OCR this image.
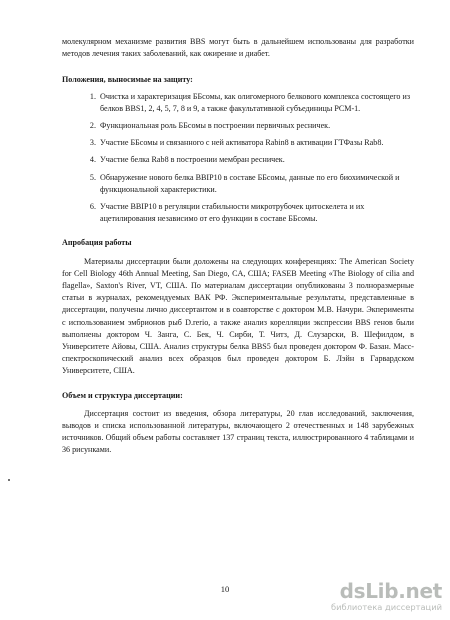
молекулярном механизме развития BBS могут быть в дальнейшем использованы для разработки методов лечения таких заболеваний, как ожирение и диабет.

Положения, выносимые на защиту:

1. Очистка и характеризация ББсомы, как олигомерного белкового комплекса состоящего из белков BBS1, 2, 4, 5, 7, 8 и 9, а также факультативной субъединицы PCM-1.
2. Функциональная роль ББсомы в построении первичных ресничек.
3. Участие ББсомы и связанного с ней активатора Rabin8 в активации ГТФазы Rab8.
4. Участие белка Rab8 в построении мембран ресничек.
5. Обнаружение нового белка BBIP10 в составе ББсомы, данные по его биохимической и функциональной характеристики.
6. Участие BBIP10 в регуляции стабильности микротрубочек цитоскелета и их ацетилирования независимо от его функции в составе ББсомы.

Апробация работы

Материалы диссертации были доложены на следующих конференциях: The American Society for Cell Biology 46th Annual Meeting, San Diego, CA, США; FASEB Meeting «The Biology of cilia and flagella», Saxton's River, VT, США. По материалам диссертации опубликованы 3 полноразмерные статьи в журналах, рекомендуемых ВАК РФ. Экспериментальные результаты, представленные в диссертации, получены лично диссертантом и в соавторстве с доктором М.В. Начури. Экперименты с использованием эмбрионов рыб D.rerio, а также анализ корелляции экспрессии BBS генов были выполнены доктором Ч. Занга, С. Бек, Ч. Сирби, Т. Читз, Д. Слузарски, В. Шефилдом, в Университете Айовы, США. Анализ структуры белка BBS5 был проведен доктором Ф. Базан. Масс-спектроскопический анализ всех образцов был проведен доктором Б. Лэйн в Гарвардском Университете, США.

Объем и структура диссертации:

Диссертация состоит из введения, обзора литературы, 20 глав исследований, заключения, выводов и списка использованной литературы, включающего 2 отечественных и 148 зарубежных источников. Общий объем работы составляет 137 страниц текста, иллюстрированного 4 таблицами и 36 рисунками.

10	dsLib.net
библиотека диссертаций
